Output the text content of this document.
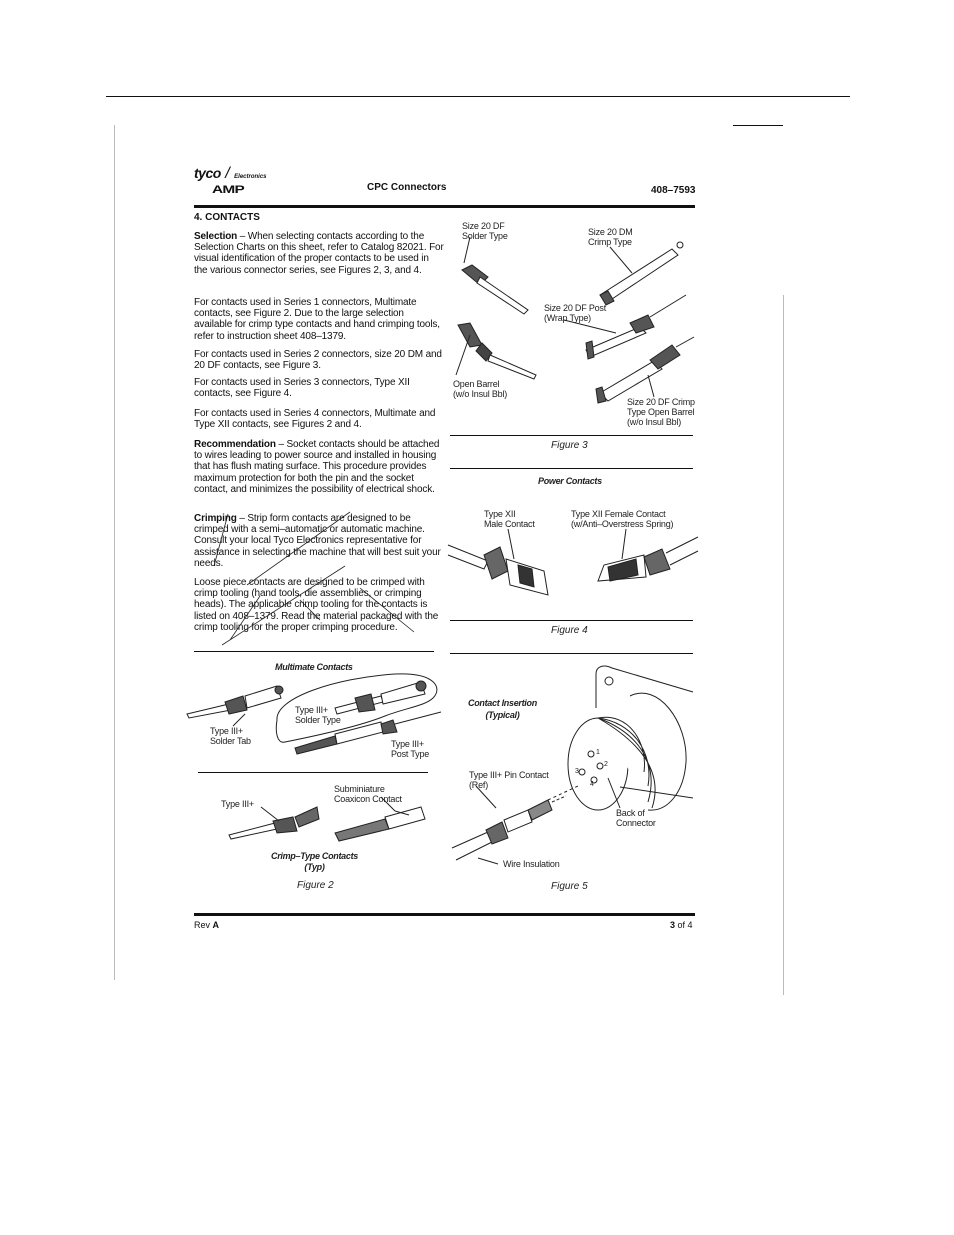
tyco / Electronics
AMP	CPC Connectors	408–7593
4. CONTACTS
Selection – When selecting contacts according to the Selection Charts on this sheet, refer to Catalog 82021. For visual identification of the proper contacts to be used in the various connector series, see Figures 2, 3, and 4.
For contacts used in Series 1 connectors, Multimate contacts, see Figure 2. Due to the large selection available for crimp type contacts and hand crimping tools, refer to instruction sheet 408–1379.
For contacts used in Series 2 connectors, size 20 DM and 20 DF contacts, see Figure 3.
For contacts used in Series 3 connectors, Type XII contacts, see Figure 4.
For contacts used in Series 4 connectors, Multimate and Type XII contacts, see Figures 2 and 4.
Recommendation – Socket contacts should be attached to wires leading to power source and installed in housing that has flush mating surface. This procedure provides maximum protection for both the pin and the socket contact, and minimizes the possibility of electrical shock.
Crimping – Strip form contacts are designed to be crimped with a semi–automatic or automatic machine. Consult your local Tyco Electronics representative for assistance in selecting the machine that will best suit your needs.
Loose piece contacts are designed to be crimped with crimp tooling (hand tools, die assemblies, or crimping heads). The applicable crimp tooling for the contacts is listed on 408–1379. Read the material packaged with the crimp tooling for the proper crimping procedure.
Size 20 DF
Solder Type	Size 20 DM
Crimp Type
Size 20 DF Post
(Wrap Type)
Open Barrel
(w/o Insul Bbl)
Size 20 DF Crimp
Type Open Barrel
(w/o Insul Bbl)
Figure 3
Power Contacts
Type XII
Male Contact
Type XII Female Contact
(w/Anti–Overstress Spring)
Figure 4
Multimate Contacts
Type III+
Solder Tab
Type III+
Solder Type
Type III+
Post Type
Type III+
Subminiature
Coaxicon Contact
Crimp–Type Contacts
(Typ)
Figure 2
Contact Insertion
(Typical)
1
2
3
4
Type III+ Pin Contact
(Ref)
Back of
Connector
Wire Insulation
Figure 5
Rev A	3 of 4
